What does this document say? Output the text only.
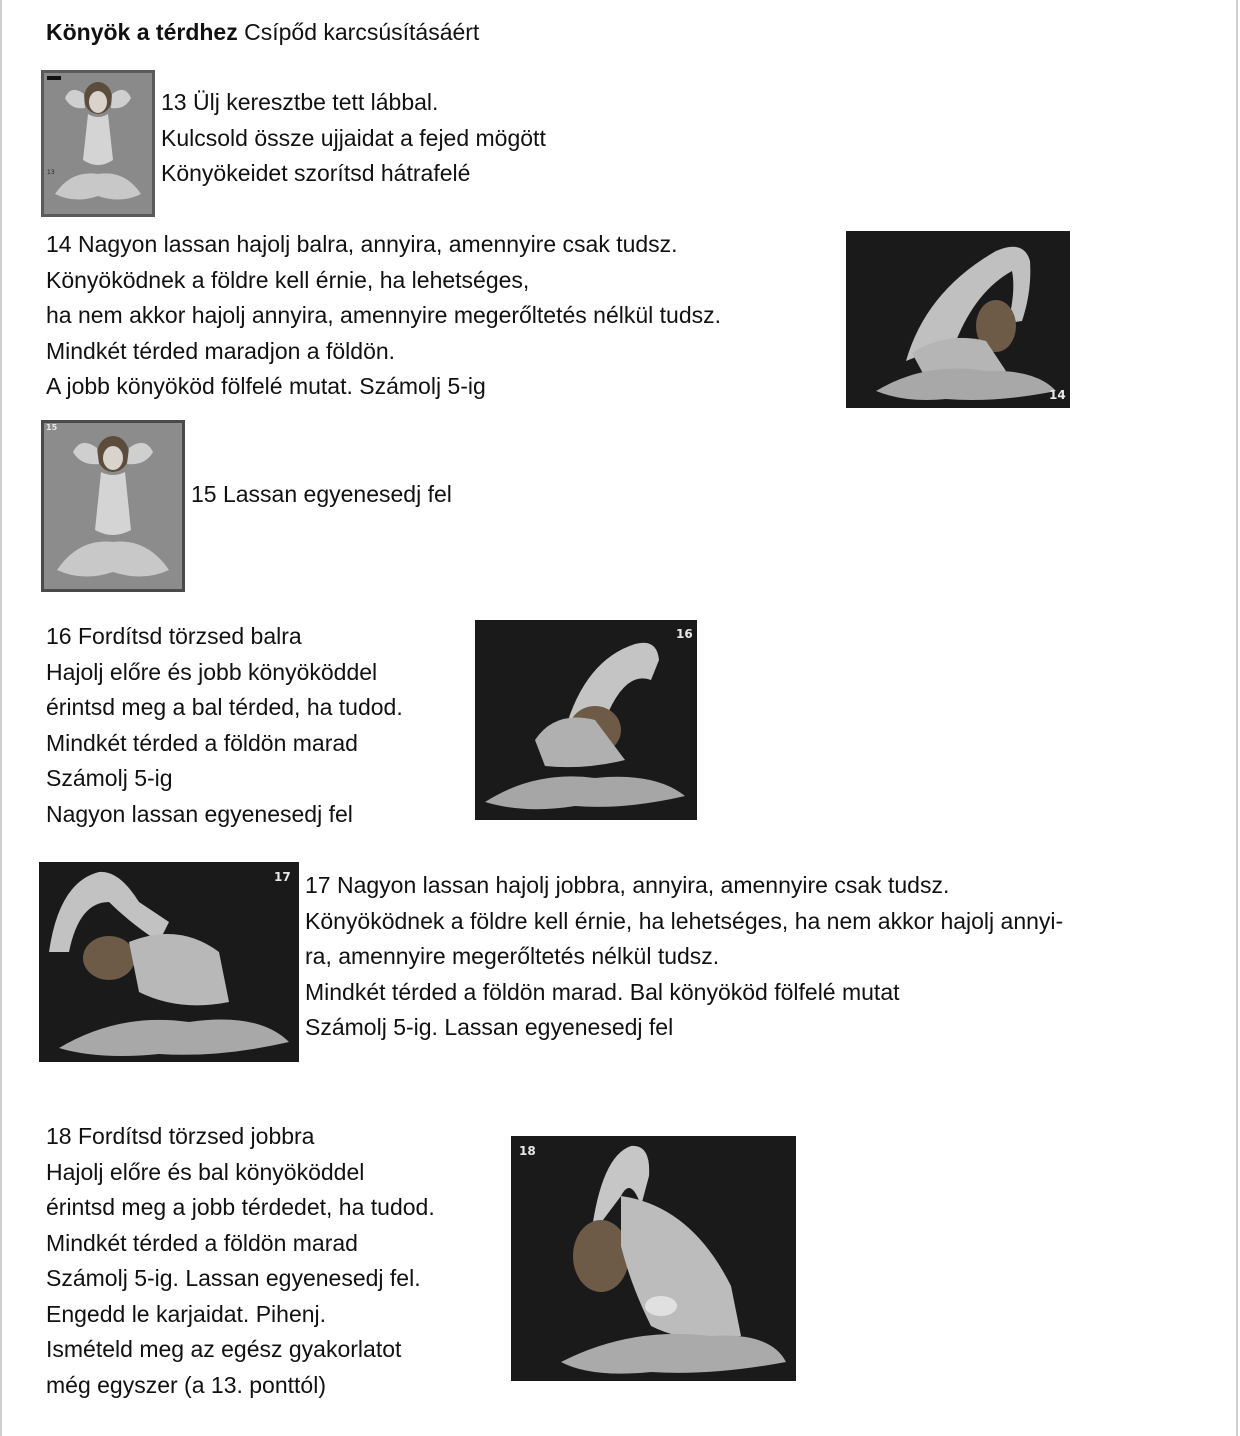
Könyök a térdhez Csípőd karcsúsításáért
13
13 Ülj keresztbe tett lábbal.
Kulcsold össze ujjaidat a fejed mögött
Könyökeidet szorítsd hátrafelé
14 Nagyon lassan hajolj balra, annyira, amennyire csak tudsz.
Könyöködnek a földre kell érnie, ha lehetséges,
ha nem akkor hajolj annyira, amennyire megerőltetés nélkül tudsz.
Mindkét térded maradjon a földön.
A jobb könyököd fölfelé mutat. Számolj 5-ig	14
15
15 Lassan egyenesedj fel
16 Fordítsd törzsed balra
Hajolj előre és jobb könyököddel
érintsd meg a bal térded, ha tudod.
Mindkét térded a földön marad
Számolj 5-ig
Nagyon lassan egyenesedj fel
16
17 17 Nagyon lassan hajolj jobbra, annyira, amennyire csak tudsz.
Könyöködnek a földre kell érnie, ha lehetséges, ha nem akkor hajolj annyi-
ra, amennyire megerőltetés nélkül tudsz.
Mindkét térded a földön marad. Bal könyököd fölfelé mutat
Számolj 5-ig. Lassan egyenesedj fel
18 Fordítsd törzsed jobbra
Hajolj előre és bal könyököddel
érintsd meg a jobb térdedet, ha tudod.
Mindkét térded a földön marad
Számolj 5-ig. Lassan egyenesedj fel.
Engedd le karjaidat. Pihenj.
Ismételd meg az egész gyakorlatot
még egyszer (a 13. ponttól)
18
